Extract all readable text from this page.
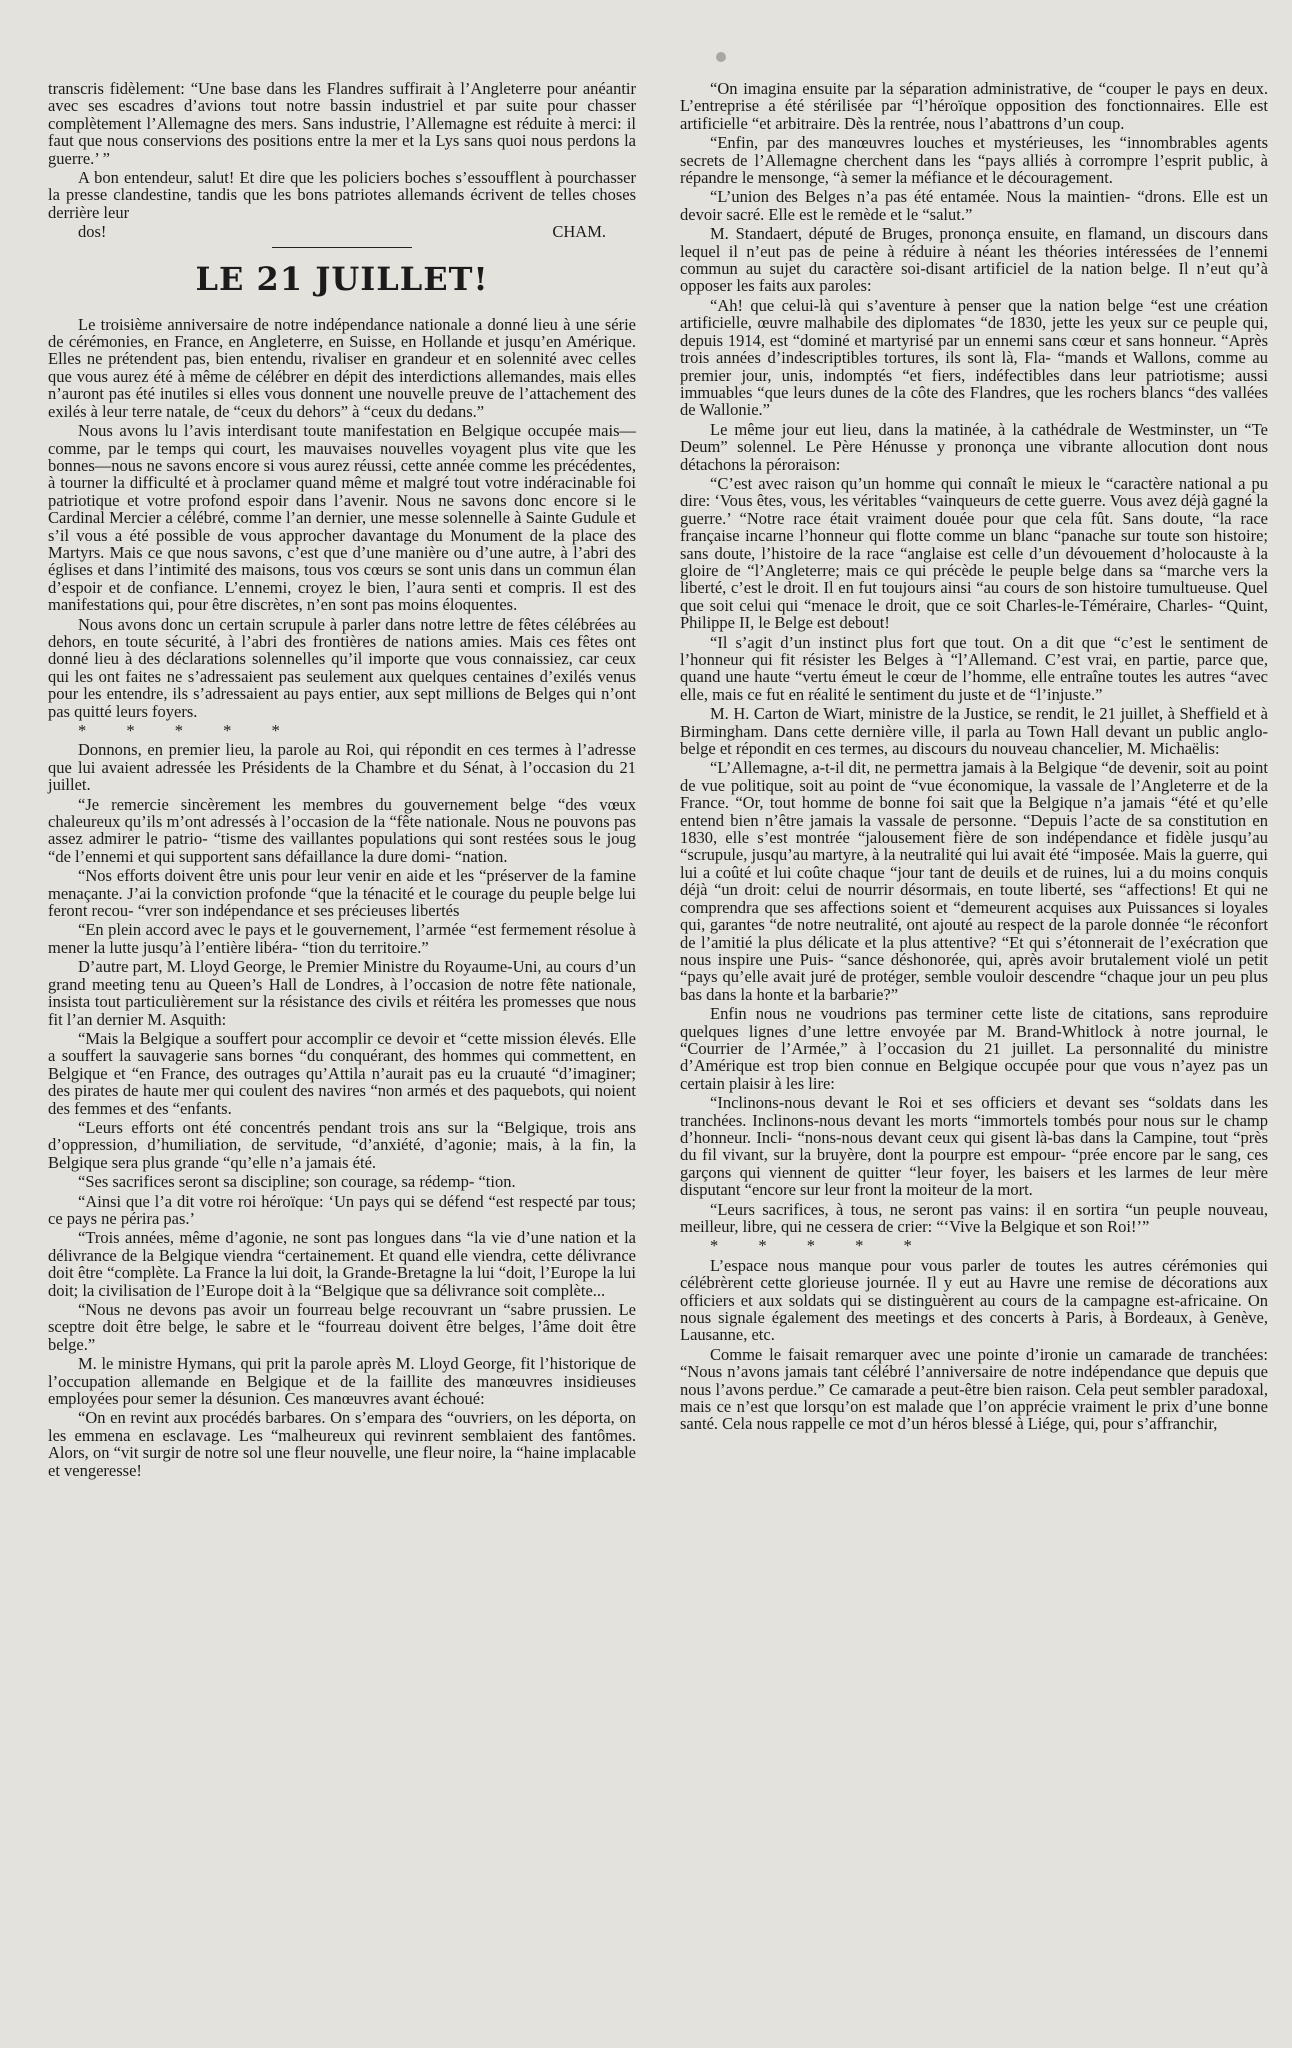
transcris fidèlement: “Une base dans les Flandres suffirait à l’Angleterre pour anéantir avec ses escadres d’avions tout notre bassin industriel et par suite pour chasser complètement l’Allemagne des mers. Sans industrie, l’Allemagne est réduite à merci: il faut que nous conservions des positions entre la mer et la Lys sans quoi nous perdons la guerre.’ ”

A bon entendeur, salut! Et dire que les policiers boches s’essoufflent à pourchasser la presse clandestine, tandis que les bons patriotes allemands écrivent de telles choses derrière leur

dos!	CHAM.
LE 21 JUILLET!

Le troisième anniversaire de notre indépendance nationale a donné lieu à une série de cérémonies, en France, en Angleterre, en Suisse, en Hollande et jusqu’en Amérique. Elles ne prétendent pas, bien entendu, rivaliser en grandeur et en solennité avec celles que vous aurez été à même de célébrer en dépit des interdictions allemandes, mais elles n’auront pas été inutiles si elles vous donnent une nouvelle preuve de l’attachement des exilés à leur terre natale, de “ceux du dehors” à “ceux du dedans.”

Nous avons lu l’avis interdisant toute manifestation en Belgique occupée mais—comme, par le temps qui court, les mauvaises nouvelles voyagent plus vite que les bonnes—nous ne savons encore si vous aurez réussi, cette année comme les précédentes, à tourner la difficulté et à proclamer quand même et malgré tout votre indéracinable foi patriotique et votre profond espoir dans l’avenir. Nous ne savons donc encore si le Cardinal Mercier a célébré, comme l’an dernier, une messe solennelle à Sainte Gudule et s’il vous a été possible de vous approcher davantage du Monument de la place des Martyrs. Mais ce que nous savons, c’est que d’une manière ou d’une autre, à l’abri des églises et dans l’intimité des maisons, tous vos cœurs se sont unis dans un commun élan d’espoir et de confiance. L’ennemi, croyez le bien, l’aura senti et compris. Il est des manifestations qui, pour être discrètes, n’en sont pas moins éloquentes.

Nous avons donc un certain scrupule à parler dans notre lettre de fêtes célébrées au dehors, en toute sécurité, à l’abri des frontières de nations amies. Mais ces fêtes ont donné lieu à des déclarations solennelles qu’il importe que vous connaissiez, car ceux qui les ont faites ne s’adressaient pas seulement aux quelques centaines d’exilés venus pour les entendre, ils s’adressaient au pays entier, aux sept millions de Belges qui n’ont pas quitté leurs foyers.

* * * * *

Donnons, en premier lieu, la parole au Roi, qui répondit en ces termes à l’adresse que lui avaient adressée les Présidents de la Chambre et du Sénat, à l’occasion du 21 juillet.

“Je remercie sincèrement les membres du gouvernement belge “des vœux chaleureux qu’ils m’ont adressés à l’occasion de la “fête nationale. Nous ne pouvons pas assez admirer le patrio- “tisme des vaillantes populations qui sont restées sous le joug “de l’ennemi et qui supportent sans défaillance la dure domi- “nation.

“Nos efforts doivent être unis pour leur venir en aide et les “préserver de la famine menaçante. J’ai la conviction profonde “que la ténacité et le courage du peuple belge lui feront recou- “vrer son indépendance et ses précieuses libertés

“En plein accord avec le pays et le gouvernement, l’armée “est fermement résolue à mener la lutte jusqu’à l’entière libéra- “tion du territoire.”

D’autre part, M. Lloyd George, le Premier Ministre du Royaume-Uni, au cours d’un grand meeting tenu au Queen’s Hall de Londres, à l’occasion de notre fête nationale, insista tout particulièrement sur la résistance des civils et réitéra les promesses que nous fit l’an dernier M. Asquith:

“Mais la Belgique a souffert pour accomplir ce devoir et “cette mission élevés. Elle a souffert la sauvagerie sans bornes “du conquérant, des hommes qui commettent, en Belgique et “en France, des outrages qu’Attila n’aurait pas eu la cruauté “d’imaginer; des pirates de haute mer qui coulent des navires “non armés et des paquebots, qui noient des femmes et des “enfants.

“Leurs efforts ont été concentrés pendant trois ans sur la “Belgique, trois ans d’oppression, d’humiliation, de servitude, “d’anxiété, d’agonie; mais, à la fin, la Belgique sera plus grande “qu’elle n’a jamais été.

“Ses sacrifices seront sa discipline; son courage, sa rédemp- “tion.

“Ainsi que l’a dit votre roi héroïque: ‘Un pays qui se défend “est respecté par tous; ce pays ne périra pas.’

“Trois années, même d’agonie, ne sont pas longues dans “la vie d’une nation et la délivrance de la Belgique viendra “certainement. Et quand elle viendra, cette délivrance doit être “complète. La France la lui doit, la Grande-Bretagne la lui “doit, l’Europe la lui doit; la civilisation de l’Europe doit à la “Belgique que sa délivrance soit complète...

“Nous ne devons pas avoir un fourreau belge recouvrant un “sabre prussien. Le sceptre doit être belge, le sabre et le “fourreau doivent être belges, l’âme doit être belge.”

M. le ministre Hymans, qui prit la parole après M. Lloyd George, fit l’historique de l’occupation allemande en Belgique et de la faillite des manœuvres insidieuses employées pour semer la désunion. Ces manœuvres avant échoué:

“On en revint aux procédés barbares. On s’empara des “ouvriers, on les déporta, on les emmena en esclavage. Les “malheureux qui revinrent semblaient des fantômes. Alors, on “vit surgir de notre sol une fleur nouvelle, une fleur noire, la “haine implacable et vengeresse!

“On imagina ensuite par la séparation administrative, de “couper le pays en deux. L’entreprise a été stérilisée par “l’héroïque opposition des fonctionnaires. Elle est artificielle “et arbitraire. Dès la rentrée, nous l’abattrons d’un coup.

“Enfin, par des manœuvres louches et mystérieuses, les “innombrables agents secrets de l’Allemagne cherchent dans les “pays alliés à corrompre l’esprit public, à répandre le mensonge, “à semer la méfiance et le découragement.

“L’union des Belges n’a pas été entamée. Nous la maintien- “drons. Elle est un devoir sacré. Elle est le remède et le “salut.”

M. Standaert, député de Bruges, prononça ensuite, en flamand, un discours dans lequel il n’eut pas de peine à réduire à néant les théories intéressées de l’ennemi commun au sujet du caractère soi-disant artificiel de la nation belge. Il n’eut qu’à opposer les faits aux paroles:

“Ah! que celui-là qui s’aventure à penser que la nation belge “est une création artificielle, œuvre malhabile des diplomates “de 1830, jette les yeux sur ce peuple qui, depuis 1914, est “dominé et martyrisé par un ennemi sans cœur et sans honneur. “Après trois années d’indescriptibles tortures, ils sont là, Fla- “mands et Wallons, comme au premier jour, unis, indomptés “et fiers, indéfectibles dans leur patriotisme; aussi immuables “que leurs dunes de la côte des Flandres, que les rochers blancs “des vallées de Wallonie.”

Le même jour eut lieu, dans la matinée, à la cathédrale de Westminster, un “Te Deum” solennel. Le Père Hénusse y prononça une vibrante allocution dont nous détachons la péroraison:

“C’est avec raison qu’un homme qui connaît le mieux le “caractère national a pu dire: ‘Vous êtes, vous, les véritables “vainqueurs de cette guerre. Vous avez déjà gagné la guerre.’ “Notre race était vraiment douée pour que cela fût. Sans doute, “la race française incarne l’honneur qui flotte comme un blanc “panache sur toute son histoire; sans doute, l’histoire de la race “anglaise est celle d’un dévouement d’holocauste à la gloire de “l’Angleterre; mais ce qui précède le peuple belge dans sa “marche vers la liberté, c’est le droit. Il en fut toujours ainsi “au cours de son histoire tumultueuse. Quel que soit celui qui “menace le droit, que ce soit Charles-le-Téméraire, Charles- “Quint, Philippe II, le Belge est debout!

“Il s’agit d’un instinct plus fort que tout. On a dit que “c’est le sentiment de l’honneur qui fit résister les Belges à “l’Allemand. C’est vrai, en partie, parce que, quand une haute “vertu émeut le cœur de l’homme, elle entraîne toutes les autres “avec elle, mais ce fut en réalité le sentiment du juste et de “l’injuste.”

M. H. Carton de Wiart, ministre de la Justice, se rendit, le 21 juillet, à Sheffield et à Birmingham. Dans cette dernière ville, il parla au Town Hall devant un public anglo-belge et répondit en ces termes, au discours du nouveau chancelier, M. Michaëlis:

“L’Allemagne, a-t-il dit, ne permettra jamais à la Belgique “de devenir, soit au point de vue politique, soit au point de “vue économique, la vassale de l’Angleterre et de la France. “Or, tout homme de bonne foi sait que la Belgique n’a jamais “été et qu’elle entend bien n’être jamais la vassale de personne. “Depuis l’acte de sa constitution en 1830, elle s’est montrée “jalousement fière de son indépendance et fidèle jusqu’au “scrupule, jusqu’au martyre, à la neutralité qui lui avait été “imposée. Mais la guerre, qui lui a coûté et lui coûte chaque “jour tant de deuils et de ruines, lui a du moins conquis déjà “un droit: celui de nourrir désormais, en toute liberté, ses “affections! Et qui ne comprendra que ses affections soient et “demeurent acquises aux Puissances si loyales qui, garantes “de notre neutralité, ont ajouté au respect de la parole donnée “le réconfort de l’amitié la plus délicate et la plus attentive? “Et qui s’étonnerait de l’exécration que nous inspire une Puis- “sance déshonorée, qui, après avoir brutalement violé un petit “pays qu’elle avait juré de protéger, semble vouloir descendre “chaque jour un peu plus bas dans la honte et la barbarie?”

Enfin nous ne voudrions pas terminer cette liste de citations, sans reproduire quelques lignes d’une lettre envoyée par M. Brand-Whitlock à notre journal, le “Courrier de l’Armée,” à l’occasion du 21 juillet. La personnalité du ministre d’Amérique est trop bien connue en Belgique occupée pour que vous n’ayez pas un certain plaisir à les lire:

“Inclinons-nous devant le Roi et ses officiers et devant ses “soldats dans les tranchées. Inclinons-nous devant les morts “immortels tombés pour nous sur le champ d’honneur. Incli- “nons-nous devant ceux qui gisent là-bas dans la Campine, tout “près du fil vivant, sur la bruyère, dont la pourpre est empour- “prée encore par le sang, ces garçons qui viennent de quitter “leur foyer, les baisers et les larmes de leur mère disputant “encore sur leur front la moiteur de la mort.

“Leurs sacrifices, à tous, ne seront pas vains: il en sortira “un peuple nouveau, meilleur, libre, qui ne cessera de crier: “‘Vive la Belgique et son Roi!’”

* * * * *

L’espace nous manque pour vous parler de toutes les autres cérémonies qui célébrèrent cette glorieuse journée. Il y eut au Havre une remise de décorations aux officiers et aux soldats qui se distinguèrent au cours de la campagne est-africaine. On nous signale également des meetings et des concerts à Paris, à Bordeaux, à Genève, Lausanne, etc.

Comme le faisait remarquer avec une pointe d’ironie un camarade de tranchées: “Nous n’avons jamais tant célébré l’anniversaire de notre indépendance que depuis que nous l’avons perdue.” Ce camarade a peut-être bien raison. Cela peut sembler paradoxal, mais ce n’est que lorsqu’on est malade que l’on apprécie vraiment le prix d’une bonne santé. Cela nous rappelle ce mot d’un héros blessé à Liége, qui, pour s’affranchir,
